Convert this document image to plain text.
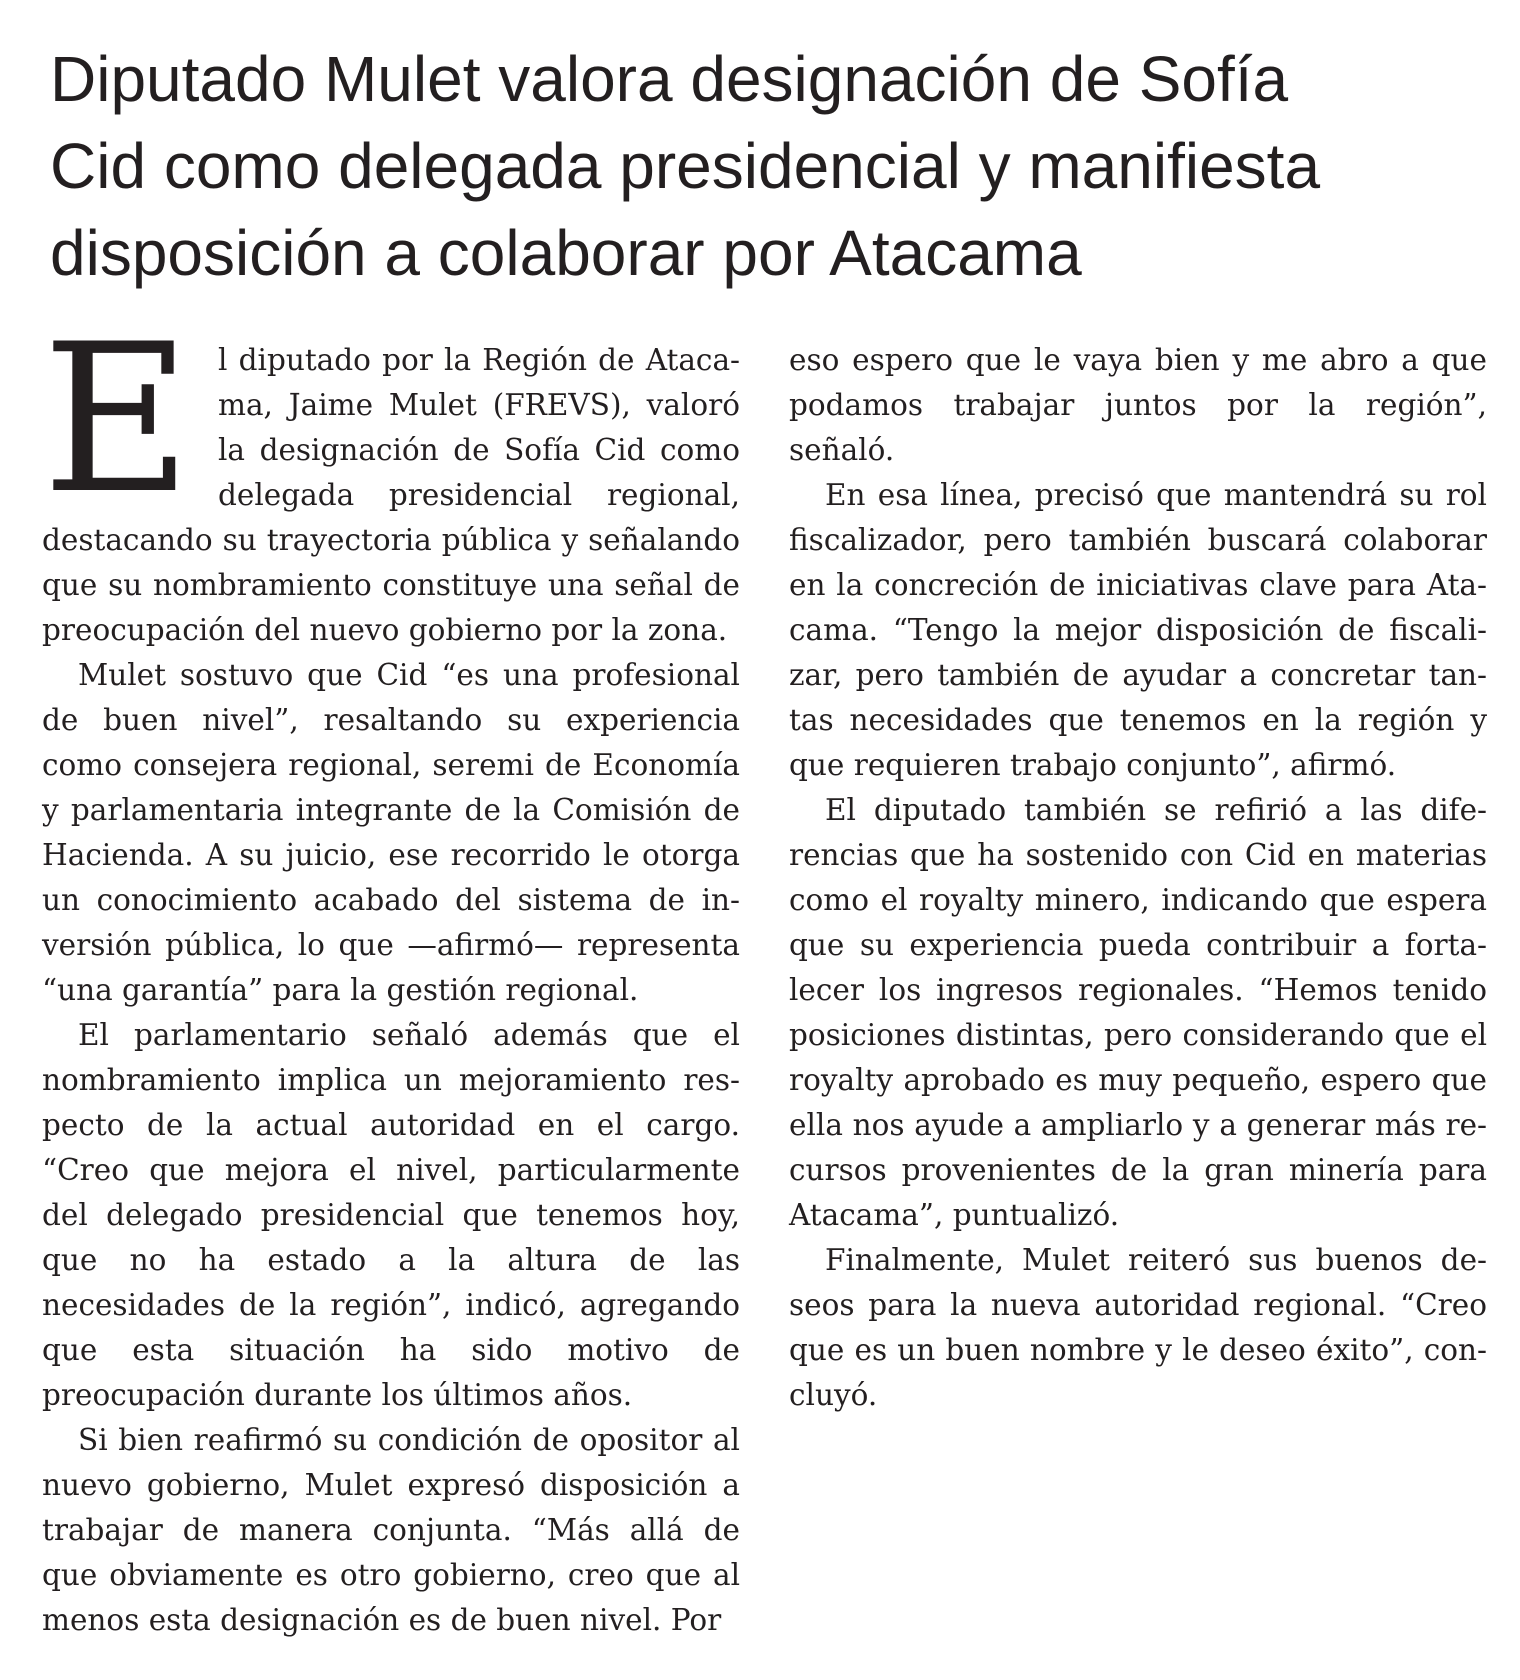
Diputado Mulet valora designación de Sofía
Cid como delegada presidencial y manifiesta
disposición a colaborar por Atacama
E l diputado por la Región de Atacama, Jaime Mulet (FREVS), valoró la designación de Sofía Cid como delegada presidencial regional, destacando su trayectoria pública y señalando que su nombramiento constituye una señal de preocupación del nuevo gobierno por la zona.

Mulet sostuvo que Cid “es una profesional de buen nivel”, resaltando su experiencia como consejera regional, seremi de Economía y parlamentaria integrante de la Comisión de Hacienda. A su juicio, ese recorrido le otorga un conocimiento acabado del sistema de inversión pública, lo que —afirmó— representa “una garantía” para la gestión regional.

El parlamentario señaló además que el nombramiento implica un mejoramiento respecto de la actual autoridad en el cargo. “Creo que mejora el nivel, particularmente del delegado presidencial que tenemos hoy, que no ha estado a la altura de las necesidades de la región”, indicó, agregando que esta situación ha sido motivo de preocupación durante los últimos años.

Si bien reafirmó su condición de opositor al nuevo gobierno, Mulet expresó disposición a trabajar de manera conjunta. “Más allá de que obviamente es otro gobierno, creo que al menos esta designación es de buen nivel. Por

eso espero que le vaya bien y me abro a que podamos trabajar juntos por la región”, señaló.

En esa línea, precisó que mantendrá su rol fiscalizador, pero también buscará colaborar en la concreción de iniciativas clave para Atacama. “Tengo la mejor disposición de fiscalizar, pero también de ayudar a concretar tantas necesidades que tenemos en la región y que requieren trabajo conjunto”, afirmó.

El diputado también se refirió a las diferencias que ha sostenido con Cid en materias como el royalty minero, indicando que espera que su experiencia pueda contribuir a fortalecer los ingresos regionales. “Hemos tenido posiciones distintas, pero considerando que el royalty aprobado es muy pequeño, espero que ella nos ayude a ampliarlo y a generar más recursos provenientes de la gran minería para Atacama”, puntualizó.

Finalmente, Mulet reiteró sus buenos deseos para la nueva autoridad regional. “Creo que es un buen nombre y le deseo éxito”, concluyó.
